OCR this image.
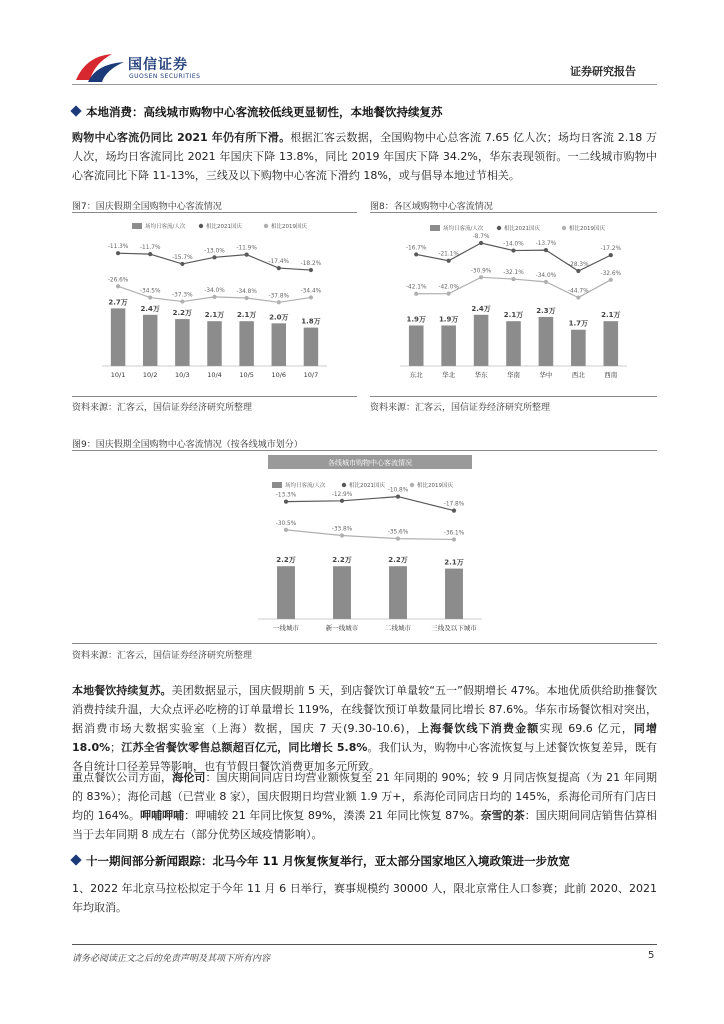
国信证券
GUOSEN SECURITIES	证券研究报告
本地消费：高线城市购物中心客流较低线更显韧性，本地餐饮持续复苏
购物中心客流仍同比 2021 年仍有所下滑。根据汇客云数据，全国购物中心总客流 7.65 亿人次；场均日客流 2.18 万人次，场均日客流同比 2021 年国庆下降 13.8%，同比 2019 年国庆下降 34.2%，华东表现领衔。一二线城市购物中心客流同比下降 11-13%，三线及以下购物中心客流下滑约 18%，或与倡导本地过节相关。
图7：国庆假期全国购物中心客流情况
场均日客流/人次	相比2021国庆	相比2019国庆
2.7万
10/1
2.4万
10/2
2.2万
10/3
2.1万
10/4
2.1万
10/5
2.0万
10/6
1.8万
10/7
-11.3% -11.7%
-15.7%
-13.0% -11.9%
-17.4% -18.2%
-26.6%
-34.5%
-37.3%
-34.0% -34.8%
-37.8%
-34.4%
资料来源：汇客云，国信证券经济研究所整理
图8：各区域购物中心客流情况
场均日客流/人次	相比2021国庆	相比2019国庆
1.9万
东北
1.9万
华北
2.4万
华东
2.1万
华南
2.3万
华中
1.7万
西北
2.1万
西南
-16.7%
-21.1%
-8.7%
-14.0% -13.7%
-28.3%
-17.2%
-42.1% -42.0%
-30.9% -32.1% -34.0%
-44.7%
-32.6%
资料来源：汇客云，国信证券经济研究所整理
图9：国庆假期全国购物中心客流情况（按各线城市划分）
各线城市购物中心客流情况
场均日客流/人次	相比2021国庆	相比2019国庆
2.2万
一线城市
2.2万
新一线城市
2.2万
二线城市
2.1万
三线及以下城市
-13.3%	-12.9%
-10.8%
-17.8%
-30.5%
-33.8%
-35.6%	-36.1%
资料来源：汇客云，国信证券经济研究所整理
本地餐饮持续复苏。美团数据显示，国庆假期前 5 天，到店餐饮订单量较“五一”假期增长 47%。本地优质供给助推餐饮消费持续升温，大众点评必吃榜的订单量增长 119%，在线餐饮预订单数量同比增长 87.6%。华东市场餐饮相对突出，据消费市场大数据实验室（上海）数据，国庆 7 天(9.30-10.6)，上海餐饮线下消费金额实现 69.6 亿元，同增 18.0%；江苏全省餐饮零售总额超百亿元，同比增长 5.8%。我们认为，购物中心客流恢复与上述餐饮恢复差异，既有各自统计口径差异等影响，也有节假日餐饮消费更加多元所致。
重点餐饮公司方面，海伦司：国庆期间同店日均营业额恢复至 21 年同期的 90%；较 9 月同店恢复提高（为 21 年同期的 83%）；海伦司越（已营业 8 家），国庆假期日均营业额 1.9 万+，系海伦司同店日均的 145%，系海伦司所有门店日均的 164%。呷哺呷哺：呷哺较 21 年同比恢复 89%，湊湊 21 年同比恢复 87%。奈雪的茶：国庆期间同店销售估算相当于去年同期 8 成左右（部分优势区域疫情影响）。
十一期间部分新闻跟踪：北马今年 11 月恢复恢复举行，亚太部分国家地区入境政策进一步放宽
1、2022 年北京马拉松拟定于今年 11 月 6 日举行，赛事规模约 30000 人，限北京常住人口参赛；此前 2020、2021 年均取消。
请务必阅读正文之后的免责声明及其项下所有内容	5
